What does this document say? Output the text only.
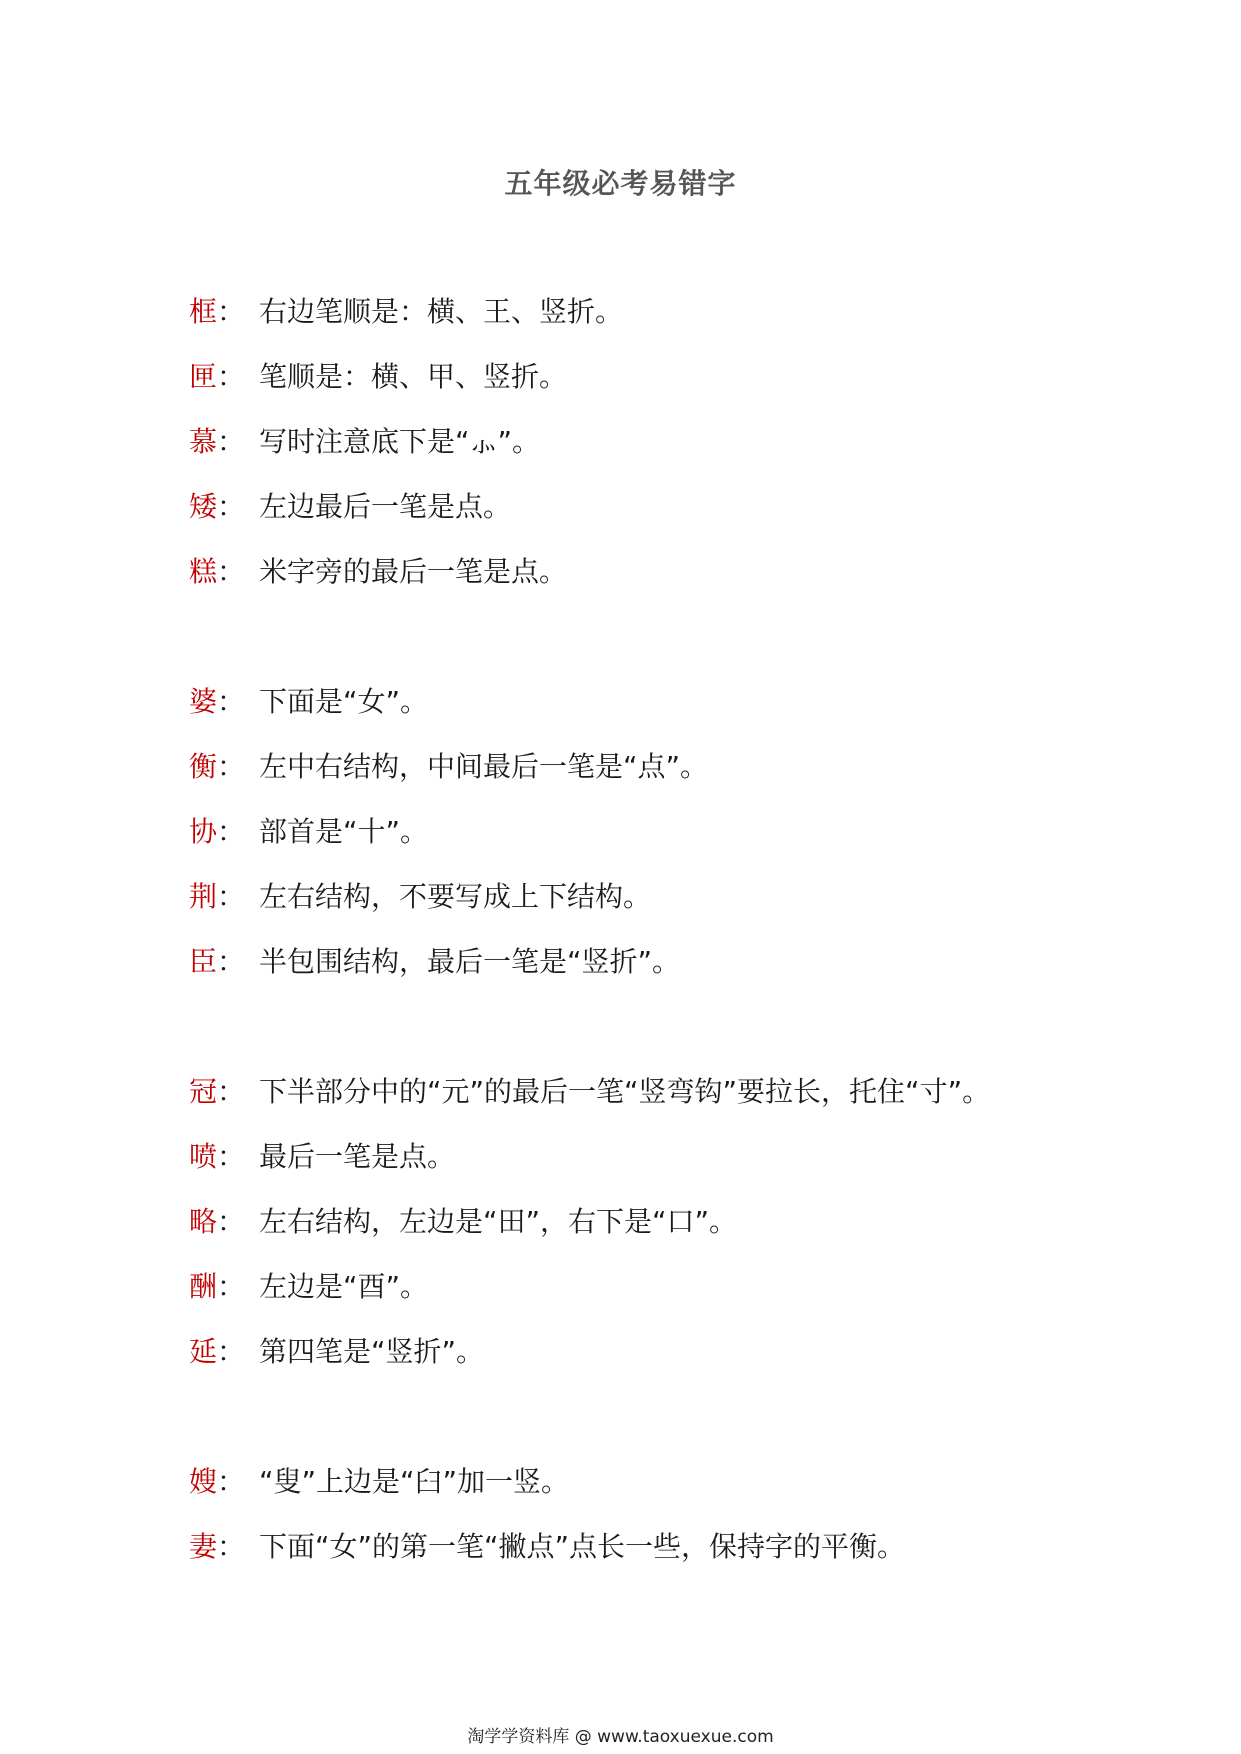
五年级必考易错字
框： 右边笔顺是：横、王、竖折。
匣： 笔顺是：横、甲、竖折。
慕： 写时注意底下是“⺗”。
矮： 左边最后一笔是点。
糕： 米字旁的最后一笔是点。
婆： 下面是“女”。
衡： 左中右结构，中间最后一笔是“点”。
协： 部首是“十”。
荆： 左右结构，不要写成上下结构。
臣： 半包围结构，最后一笔是“竖折”。
冠： 下半部分中的“元”的最后一笔“竖弯钩”要拉长，托住“寸”。
喷： 最后一笔是点。
略： 左右结构，左边是“田”，右下是“口”。
酬： 左边是“酉”。
延： 第四笔是“竖折”。
嫂： “叟”上边是“臼”加一竖。
妻： 下面“女”的第一笔“撇点”点长一些，保持字的平衡。
淘学学资料库 @ www.taoxuexue.com
